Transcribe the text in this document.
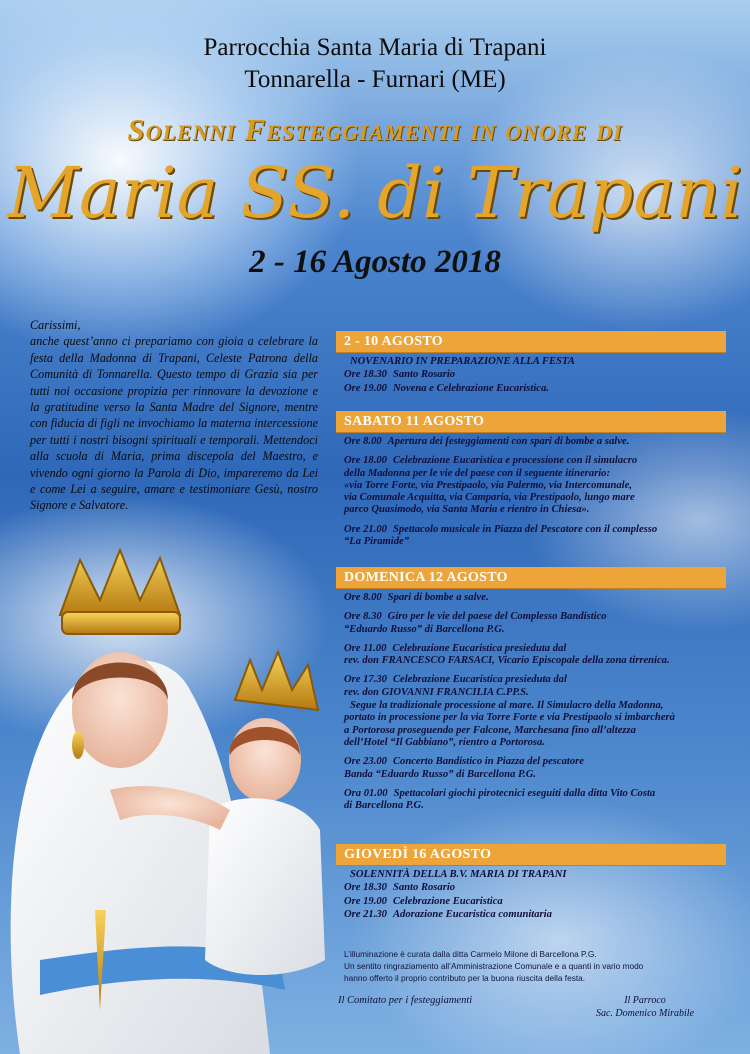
Parrocchia Santa Maria di Trapani
Tonnarella - Furnari (ME)
Solenni Festeggiamenti in onore di
Maria SS. di Trapani
2 - 16 Agosto 2018
Carissimi,
anche quest’anno ci prepariamo con gioia a celebrare la festa della Madonna di Trapani, Celeste Patrona della Comunità di Tonnarella. Questo tempo di Grazia sia per tutti noi occasione propizia per rinnovare la devozione e la gratitudine verso la Santa Madre del Signore, mentre con fiducia di figli ne invochiamo la materna intercessione per tutti i nostri bisogni spirituali e temporali. Mettendoci alla scuola di Maria, prima discepola del Maestro, e vivendo ogni giorno la Parola di Dio, impareremo da Lei e come Lei a seguire, amare e testimoniare Gesù, nostro Signore e Salvatore.
2 - 10 AGOSTO
NOVENARIO IN PREPARAZIONE ALLA FESTA
Ore 18.30 Santo Rosario
Ore 19.00 Novena e Celebrazione Eucaristica.
SABATO 11 AGOSTO
Ore 8.00 Apertura dei festeggiamenti con spari di bombe a salve.
Ore 18.00 Celebrazione Eucaristica e processione con il simulacro
della Madonna per le vie del paese con il seguente itinerario:
«via Torre Forte, via Prestipaolo, via Palermo, via Intercomunale,
via Comunale Acquitta, via Camparia, via Prestipaolo, lungo mare
parco Quasimodo, via Santa Maria e rientro in Chiesa».
Ore 21.00 Spettacolo musicale in Piazza del Pescatore con il complesso
“La Piramide”
DOMENICA 12 AGOSTO
Ore 8.00 Spari di bombe a salve.
Ore 8.30 Giro per le vie del paese del Complesso Bandistico
“Eduardo Russo” di Barcellona P.G.
Ore 11.00 Celebrazione Eucaristica presieduta dal
rev. don FRANCESCO FARSACI, Vicario Episcopale della zona tirrenica.
Ore 17.30 Celebrazione Eucaristica presieduta dal
rev. don GIOVANNI FRANCILIA C.PP.S.
Segue la tradizionale processione al mare. Il Simulacro della Madonna,
portato in processione per la via Torre Forte e via Prestipaolo si imbarcherà
a Portorosa proseguendo per Falcone, Marchesana fino all’altezza
dell’Hotel “Il Gabbiano”, rientro a Portorosa.
Ore 23.00 Concerto Bandistico in Piazza del pescatore
Banda “Eduardo Russo” di Barcellona P.G.
Ora 01.00 Spettacolari giochi pirotecnici eseguiti dalla ditta Vito Costa
di Barcellona P.G.
GIOVEDÌ 16 AGOSTO
SOLENNITÀ DELLA B.V. MARIA DI TRAPANI
Ore 18.30 Santo Rosario
Ore 19.00 Celebrazione Eucaristica
Ore 21.30 Adorazione Eucaristica comunitaria
L’illuminazione è curata dalla ditta Carmelo Milone di Barcellona P.G.
Un sentito ringraziamento all’Amministrazione Comunale e a quanti in vario modo
hanno offerto il proprio contributo per la buona riuscita della festa.
Il Comitato per i festeggiamenti	Il Parroco
Sac. Domenico Mirabile
